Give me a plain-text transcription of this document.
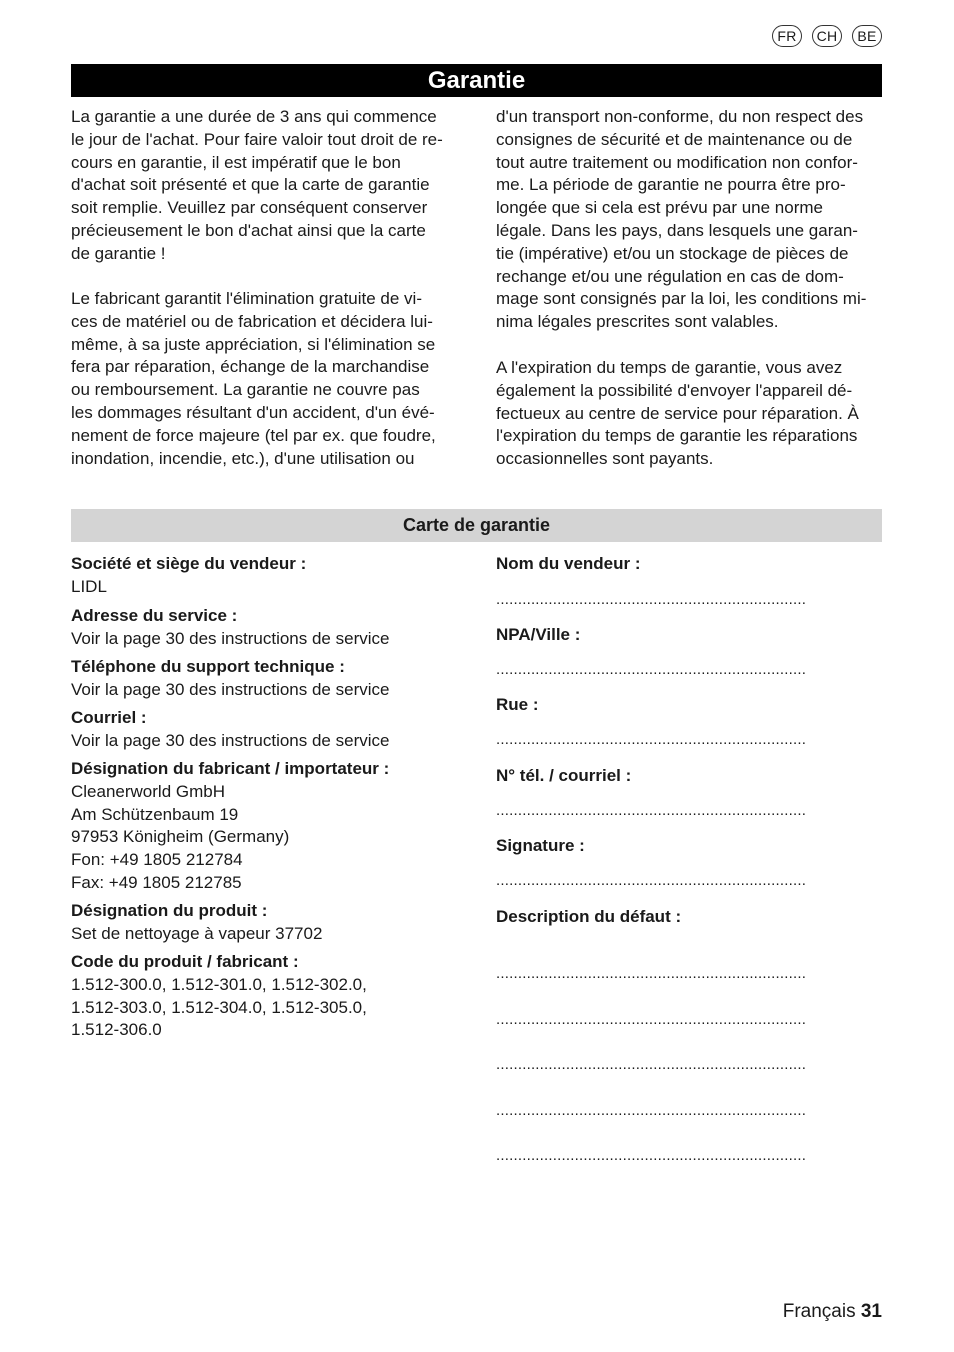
FR	CH	BE
Garantie

La garantie a une durée de 3 ans qui commence
le jour de l'achat. Pour faire valoir tout droit de re-
cours en garantie, il est impératif que le bon
d'achat soit présenté et que la carte de garantie
soit remplie. Veuillez par conséquent conserver
précieusement le bon d'achat ainsi que la carte
de garantie !

Le fabricant garantit l'élimination gratuite de vi-
ces de matériel ou de fabrication et décidera lui-
même, à sa juste appréciation, si l'élimination se
fera par réparation, échange de la marchandise
ou remboursement. La garantie ne couvre pas
les dommages résultant d'un accident, d'un évé-
nement de force majeure (tel par ex. que foudre,
inondation, incendie, etc.), d'une utilisation ou

d'un transport non-conforme, du non respect des
consignes de sécurité et de maintenance ou de
tout autre traitement ou modification non confor-
me. La période de garantie ne pourra être pro-
longée que si cela est prévu par une norme
légale. Dans les pays, dans lesquels une garan-
tie (impérative) et/ou un stockage de pièces de
rechange et/ou une régulation en cas de dom-
mage sont consignés par la loi, les conditions mi-
nima légales prescrites sont valables.

A l'expiration du temps de garantie, vous avez
également la possibilité d'envoyer l'appareil dé-
fectueux au centre de service pour réparation. À
l'expiration du temps de garantie les réparations
occasionnelles sont payants.

Carte de garantie
Société et siège du vendeur :
LIDL
Adresse du service :
Voir la page 30 des instructions de service
Téléphone du support technique :
Voir la page 30 des instructions de service
Courriel :
Voir la page 30 des instructions de service
Désignation du fabricant / importateur :
Cleanerworld GmbH
Am Schützenbaum 19
97953 Königheim (Germany)
Fon: +49 1805 212784
Fax: +49 1805 212785
Désignation du produit :
Set de nettoyage à vapeur 37702
Code du produit / fabricant :
1.512-300.0, 1.512-301.0, 1.512-302.0,
1.512-303.0, 1.512-304.0, 1.512-305.0,
1.512-306.0
Nom du vendeur :
.......................................................................
NPA/Ville :
.......................................................................
Rue :
.......................................................................
N° tél. / courriel :
.......................................................................
Signature :
.......................................................................
Description du défaut :
.......................................................................
.......................................................................
.......................................................................
.......................................................................
.......................................................................
Français 31
